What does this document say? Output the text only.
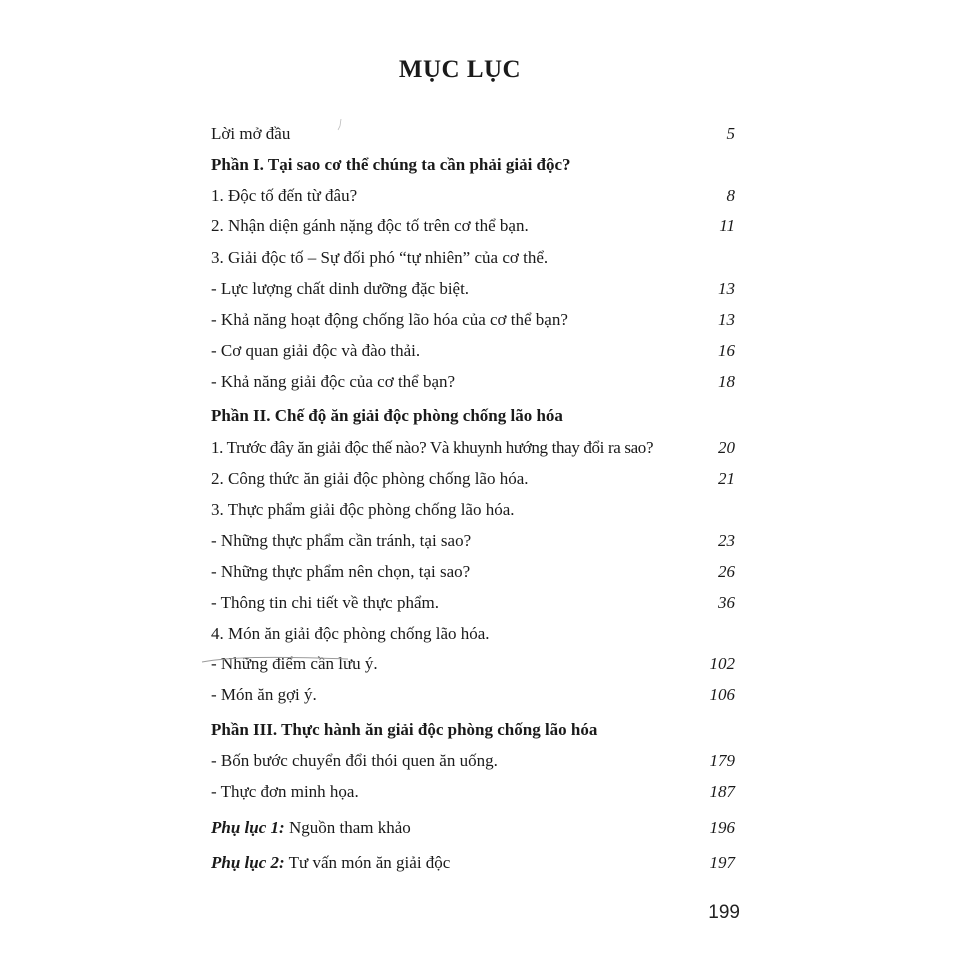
MỤC LỤC
Lời mở đầu	5
Phần I. Tại sao cơ thể chúng ta cần phải giải độc?
1. Độc tố đến từ đâu?	8
2. Nhận diện gánh nặng độc tố trên cơ thể bạn.	11
3. Giải độc tố – Sự đối phó “tự nhiên” của cơ thể.
- Lực lượng chất dinh dưỡng đặc biệt.	13
- Khả năng hoạt động chống lão hóa của cơ thể bạn?	13
- Cơ quan giải độc và đào thải.	16
- Khả năng giải độc của cơ thể bạn?	18
Phần II. Chế độ ăn giải độc phòng chống lão hóa
1. Trước đây ăn giải độc thế nào? Và khuynh hướng thay đổi ra sao?	20
2. Công thức ăn giải độc phòng chống lão hóa.	21
3. Thực phẩm giải độc phòng chống lão hóa.
- Những thực phẩm cần tránh, tại sao?	23
- Những thực phẩm nên chọn, tại sao?	26
- Thông tin chi tiết về thực phẩm.	36
4. Món ăn giải độc phòng chống lão hóa.
- Những điểm cần lưu ý.	102
- Món ăn gợi ý.	106
Phần III. Thực hành ăn giải độc phòng chống lão hóa
- Bốn bước chuyển đổi thói quen ăn uống.	179
- Thực đơn minh họa.	187
Phụ lục 1: Nguồn tham khảo	196
Phụ lục 2: Tư vấn món ăn giải độc	197
199
